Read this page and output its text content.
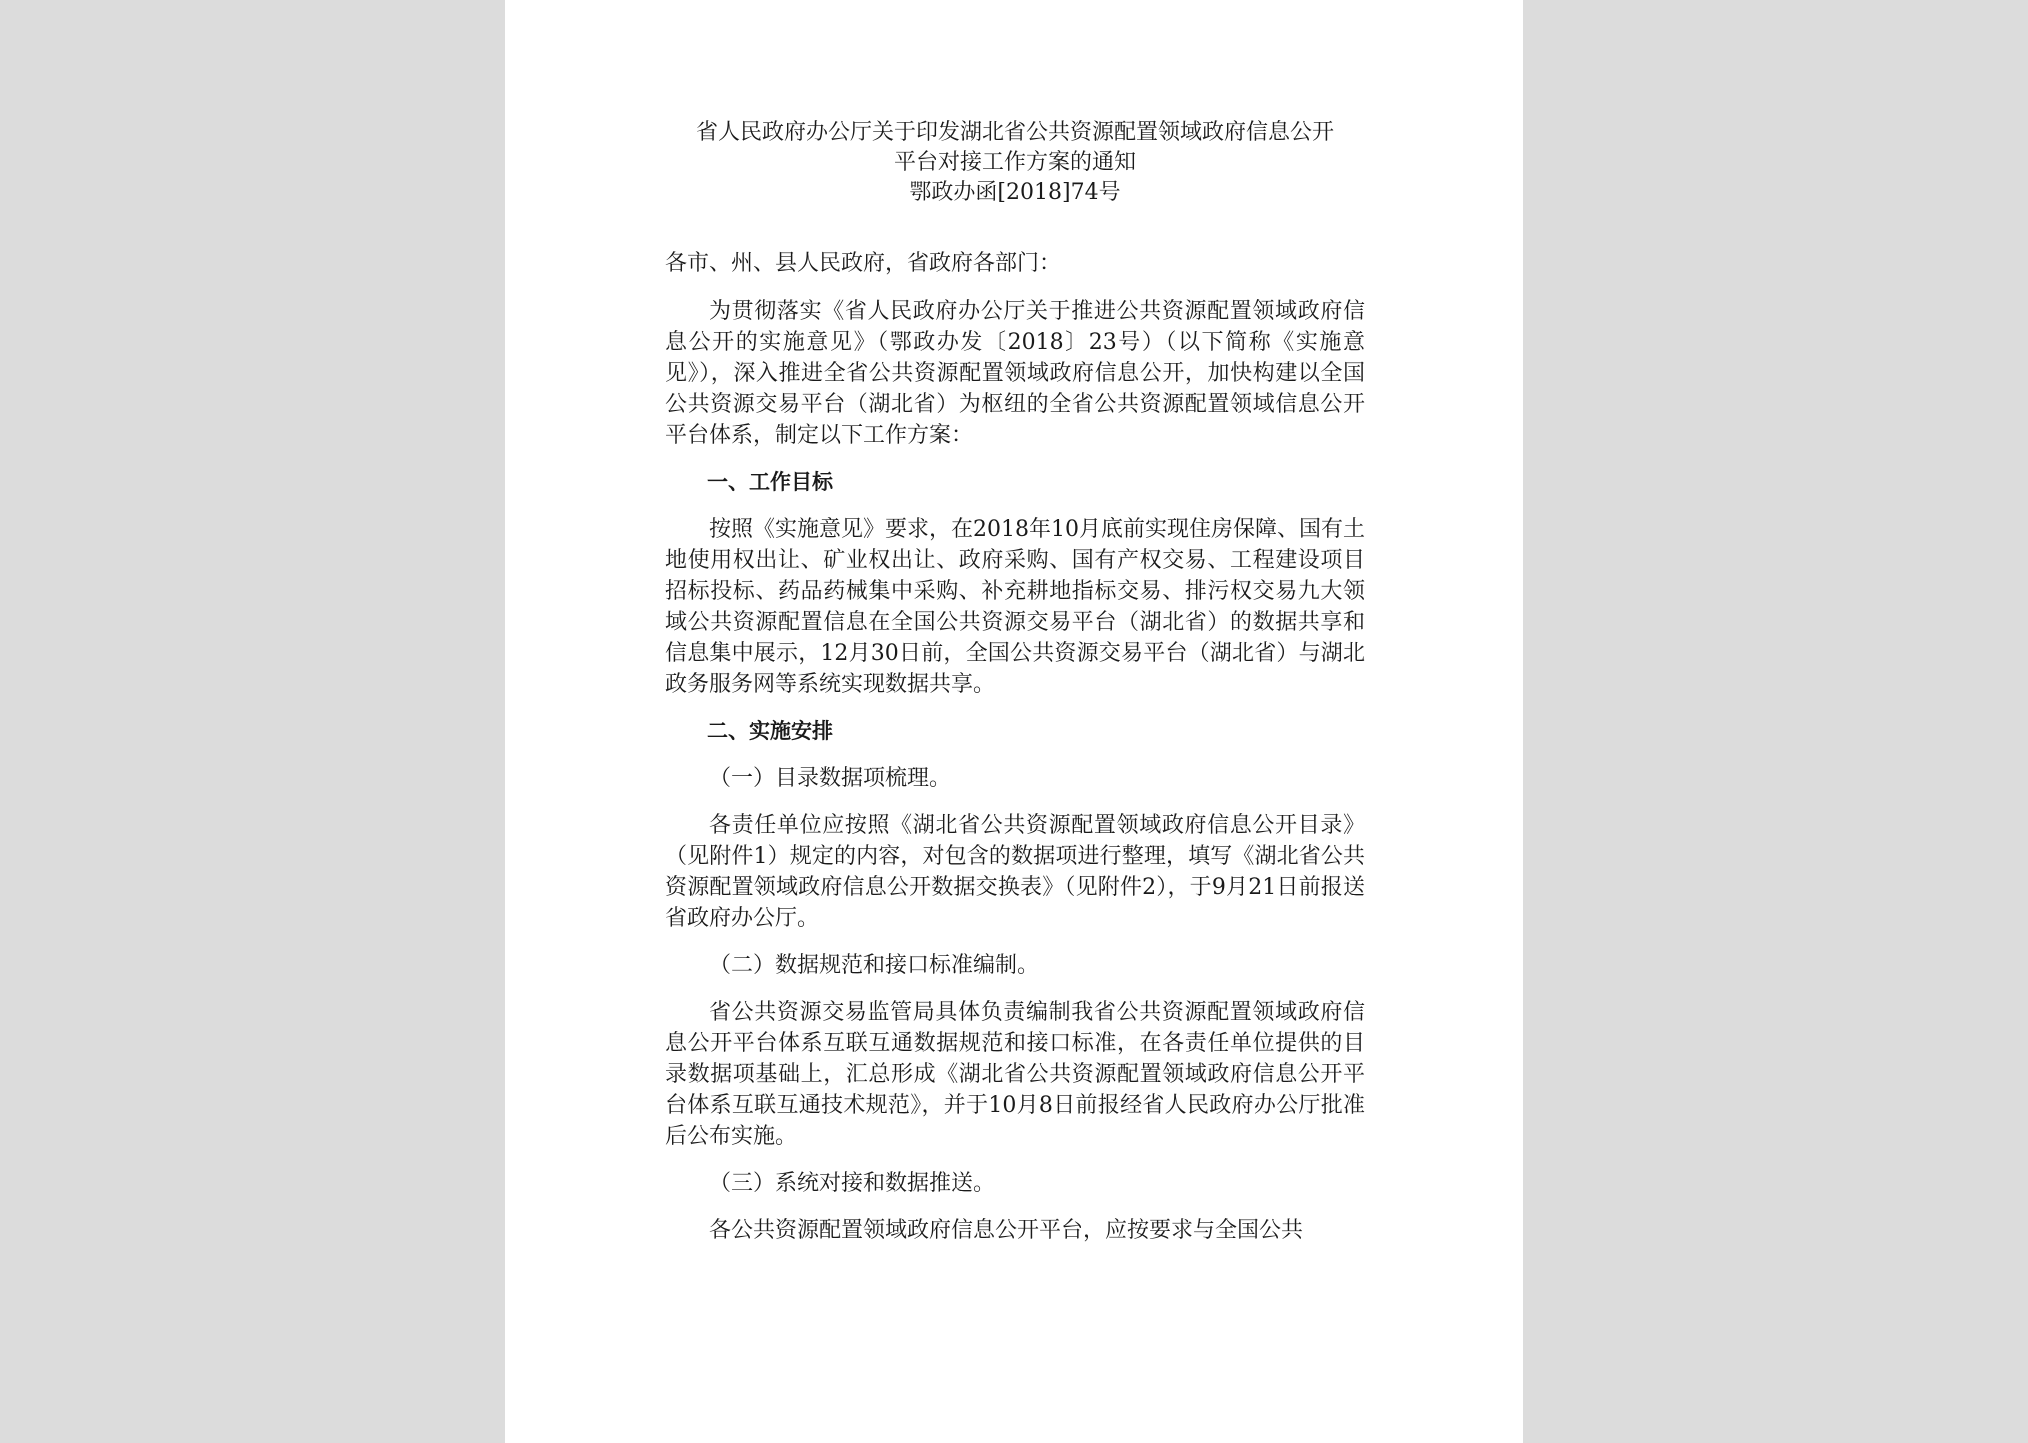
省人民政府办公厅关于印发湖北省公共资源配置领域政府信息公开

平台对接工作方案的通知

鄂政办函[2018]74号

各市、州、县人民政府，省政府各部门：

为贯彻落实《省人民政府办公厅关于推进公共资源配置领域政府信息公开的实施意见》（鄂政办发〔2018〕23号）（以下简称《实施意见》），深入推进全省公共资源配置领域政府信息公开，加快构建以全国公共资源交易平台（湖北省）为枢纽的全省公共资源配置领域信息公开平台体系，制定以下工作方案：

一、工作目标

按照《实施意见》要求，在2018年10月底前实现住房保障、国有土地使用权出让、矿业权出让、政府采购、国有产权交易、工程建设项目招标投标、药品药械集中采购、补充耕地指标交易、排污权交易九大领域公共资源配置信息在全国公共资源交易平台（湖北省）的数据共享和信息集中展示，12月30日前，全国公共资源交易平台（湖北省）与湖北政务服务网等系统实现数据共享。

二、实施安排

（一）目录数据项梳理。

各责任单位应按照《湖北省公共资源配置领域政府信息公开目录》（见附件1）规定的内容，对包含的数据项进行整理，填写《湖北省公共资源配置领域政府信息公开数据交换表》（见附件2），于9月21日前报送省政府办公厅。

（二）数据规范和接口标准编制。

省公共资源交易监管局具体负责编制我省公共资源配置领域政府信息公开平台体系互联互通数据规范和接口标准，在各责任单位提供的目录数据项基础上，汇总形成《湖北省公共资源配置领域政府信息公开平台体系互联互通技术规范》，并于10月8日前报经省人民政府办公厅批准后公布实施。

（三）系统对接和数据推送。

各公共资源配置领域政府信息公开平台，应按要求与全国公共
